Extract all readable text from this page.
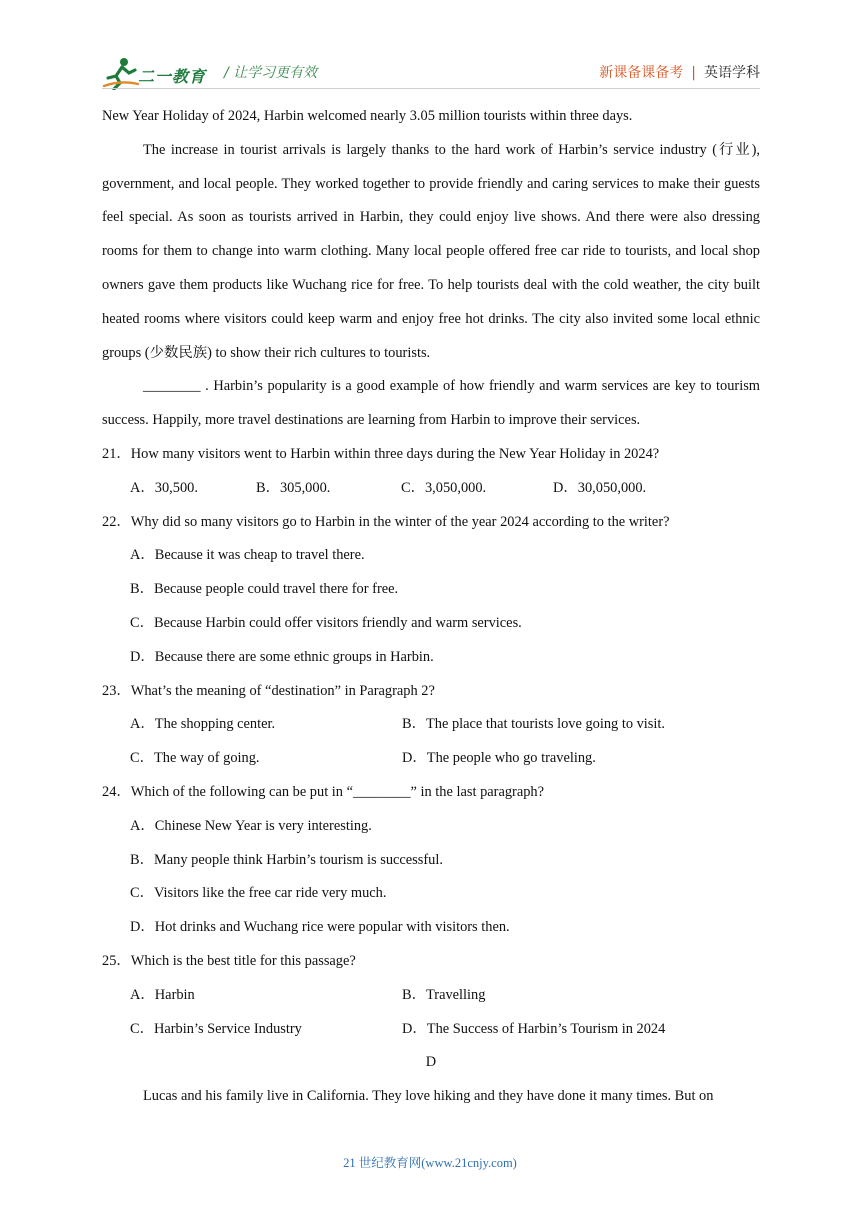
二一教育 / 让学习更有效	新课备课备考 | 英语学科

New Year Holiday of 2024, Harbin welcomed nearly 3.05 million tourists within three days.

The increase in tourist arrivals is largely thanks to the hard work of Harbin’s service industry (行业), government, and local people. They worked together to provide friendly and caring services to make their guests feel special. As soon as tourists arrived in Harbin, they could enjoy live shows. And there were also dressing rooms for them to change into warm clothing. Many local people offered free car ride to tourists, and local shop owners gave them products like Wuchang rice for free. To help tourists deal with the cold weather, the city built heated rooms where visitors could keep warm and enjoy free hot drinks. The city also invited some local ethnic groups (少数民族) to show their rich cultures to tourists.

________ . Harbin’s popularity is a good example of how friendly and warm services are key to tourism success. Happily, more travel destinations are learning from Harbin to improve their services.

21．How many visitors went to Harbin within three days during the New Year Holiday in 2024?

A．30,500.	B．305,000.	C．3,050,000.	D．30,050,000.

22．Why did so many visitors go to Harbin in the winter of the year 2024 according to the writer?

A．Because it was cheap to travel there.

B．Because people could travel there for free.

C．Because Harbin could offer visitors friendly and warm services.

D．Because there are some ethnic groups in Harbin.

23．What’s the meaning of “destination” in Paragraph 2?

A．The shopping center.	B．The place that tourists love going to visit.
C．The way of going.	D．The people who go traveling.

24．Which of the following can be put in “________” in the last paragraph?

A．Chinese New Year is very interesting.

B．Many people think Harbin’s tourism is successful.

C．Visitors like the free car ride very much.

D．Hot drinks and Wuchang rice were popular with visitors then.

25．Which is the best title for this passage?

A．Harbin	B．Travelling
C．Harbin’s Service Industry	D．The Success of Harbin’s Tourism in 2024

D

Lucas and his family live in California. They love hiking and they have done it many times. But on

21 世纪教育网(www.21cnjy.com)
